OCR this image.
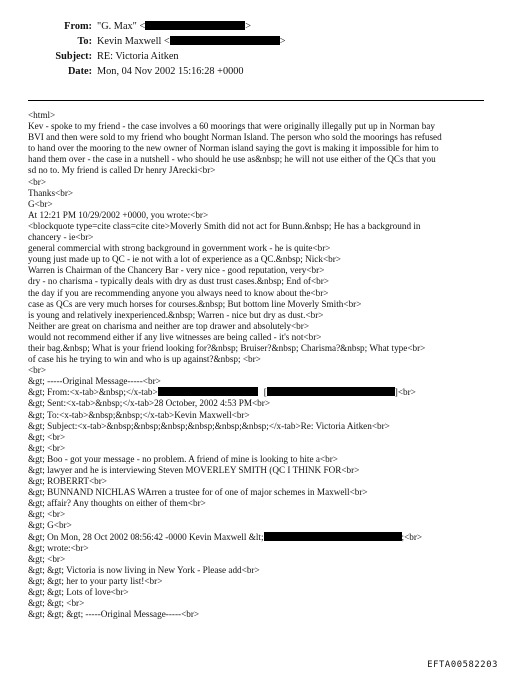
From: "G. Max" <	>
To: Kevin Maxwell <	>
Subject: RE: Victoria Aitken
Date: Mon, 04 Nov 2002 15:16:28 +0000
<html>
Kev - spoke to my friend - the case involves a 60 moorings that were originally illegally put up in Norman bay
BVI and then were sold to my friend who bought Norman Island. The person who sold the moorings has refused
to hand over the mooring to the new owner of Norman island saying the govt is making it impossible for him to
hand them over - the case in a nutshell - who should he use as&nbsp; he will not use either of the QCs that you
sd no to. My friend is called Dr henry JArecki<br>
<br>
Thanks<br>
G<br>
At 12:21 PM 10/29/2002 +0000, you wrote:<br>
<blockquote type=cite class=cite cite>Moverly Smith did not act for Bunn.&nbsp; He has a background in
chancery - ie<br>
general commercial with strong background in government work - he is quite<br>
young just made up to QC - ie not with a lot of experience as a QC.&nbsp; Nick<br>
Warren is Chairman of the Chancery Bar - very nice - good reputation, very<br>
dry - no charisma - typically deals with dry as dust trust cases.&nbsp; End of<br>
the day if you are recommending anyone you always need to know about the<br>
case as QCs are very much horses for courses.&nbsp; But bottom line Moverly Smith<br>
is young and relatively inexperienced.&nbsp; Warren - nice but dry as dust.<br>
Neither are great on charisma and neither are top drawer and absolutely<br>
would not recommend either if any live witnesses are being called - it's not<br>
their bag.&nbsp; What is your friend looking for?&nbsp; Bruiser?&nbsp; Charisma?&nbsp; What type<br>
of case his he trying to win and who is up against?&nbsp; <br>
<br>
&gt; -----Original Message-----<br>
&gt; From:<x-tab>&nbsp;</x-tab>	[	]<br>
&gt; Sent:<x-tab>&nbsp;</x-tab>28 October, 2002 4:53 PM<br>
&gt; To:<x-tab>&nbsp;&nbsp;</x-tab>Kevin Maxwell<br>
&gt; Subject:<x-tab>&nbsp;&nbsp;&nbsp;&nbsp;&nbsp;&nbsp;</x-tab>Re: Victoria Aitken<br>
&gt; <br>
&gt; <br>
&gt; Boo - got your message - no problem. A friend of mine is looking to hite a<br>
&gt; lawyer and he is interviewing Steven MOVERLEY SMITH (QC I THINK FOR<br>
&gt; ROBERRT<br>
&gt; BUNNAND NICHLAS WArren a trustee for of one of major schemes in Maxwell<br>
&gt; affair? Any thoughts on either of them<br>
&gt; <br>
&gt; G<br>
&gt; On Mon, 28 Oct 2002 08:56:42 -0000 Kevin Maxwell &lt;	;<br>
&gt; wrote:<br>
&gt; <br>
&gt; &gt; Victoria is now living in New York - Please add<br>
&gt; &gt; her to your party list!<br>
&gt; &gt; Lots of love<br>
&gt; &gt; <br>
&gt; &gt; &gt; -----Original Message-----<br>
EFTA00582203
